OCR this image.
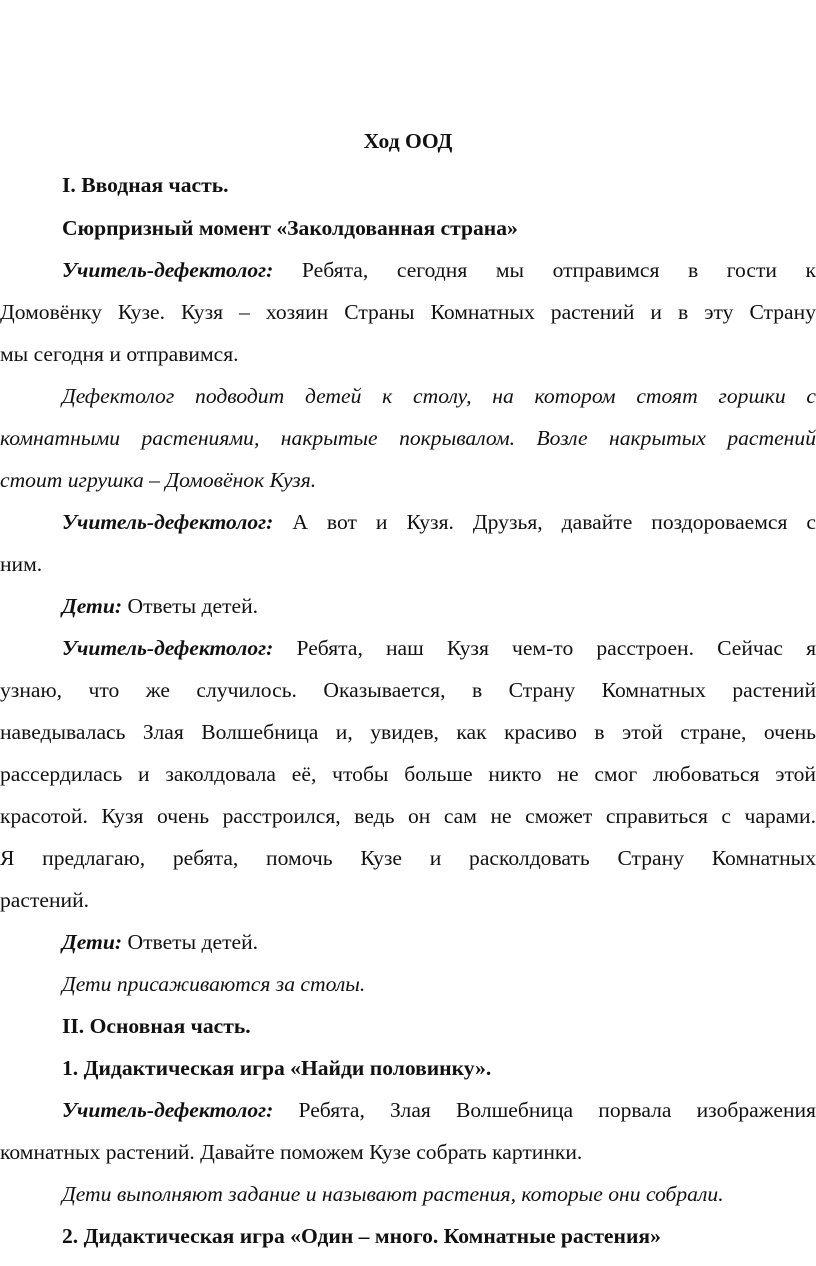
Ход ООД
I. Вводная часть.
Сюрпризный момент «Заколдованная страна»
Учитель-дефектолог: Ребята, сегодня мы отправимся в гости к
Домовёнку Кузе. Кузя – хозяин Страны Комнатных растений и в эту Страну
мы сегодня и отправимся.
Дефектолог подводит детей к столу, на котором стоят горшки с
комнатными растениями, накрытые покрывалом. Возле накрытых растений
стоит игрушка – Домовёнок Кузя.
Учитель-дефектолог: А вот и Кузя. Друзья, давайте поздороваемся с
ним.
Дети: Ответы детей.
Учитель-дефектолог: Ребята, наш Кузя чем-то расстроен. Сейчас я
узнаю, что же случилось. Оказывается, в Страну Комнатных растений
наведывалась Злая Волшебница и, увидев, как красиво в этой стране, очень
рассердилась и заколдовала её, чтобы больше никто не смог любоваться этой
красотой. Кузя очень расстроился, ведь он сам не сможет справиться с чарами.
Я предлагаю, ребята, помочь Кузе и расколдовать Страну Комнатных
растений.
Дети: Ответы детей.
Дети присаживаются за столы.
II. Основная часть.
1. Дидактическая игра «Найди половинку».
Учитель-дефектолог: Ребята, Злая Волшебница порвала изображения
комнатных растений. Давайте поможем Кузе собрать картинки.
Дети выполняют задание и называют растения, которые они собрали.
2. Дидактическая игра «Один – много. Комнатные растения»
